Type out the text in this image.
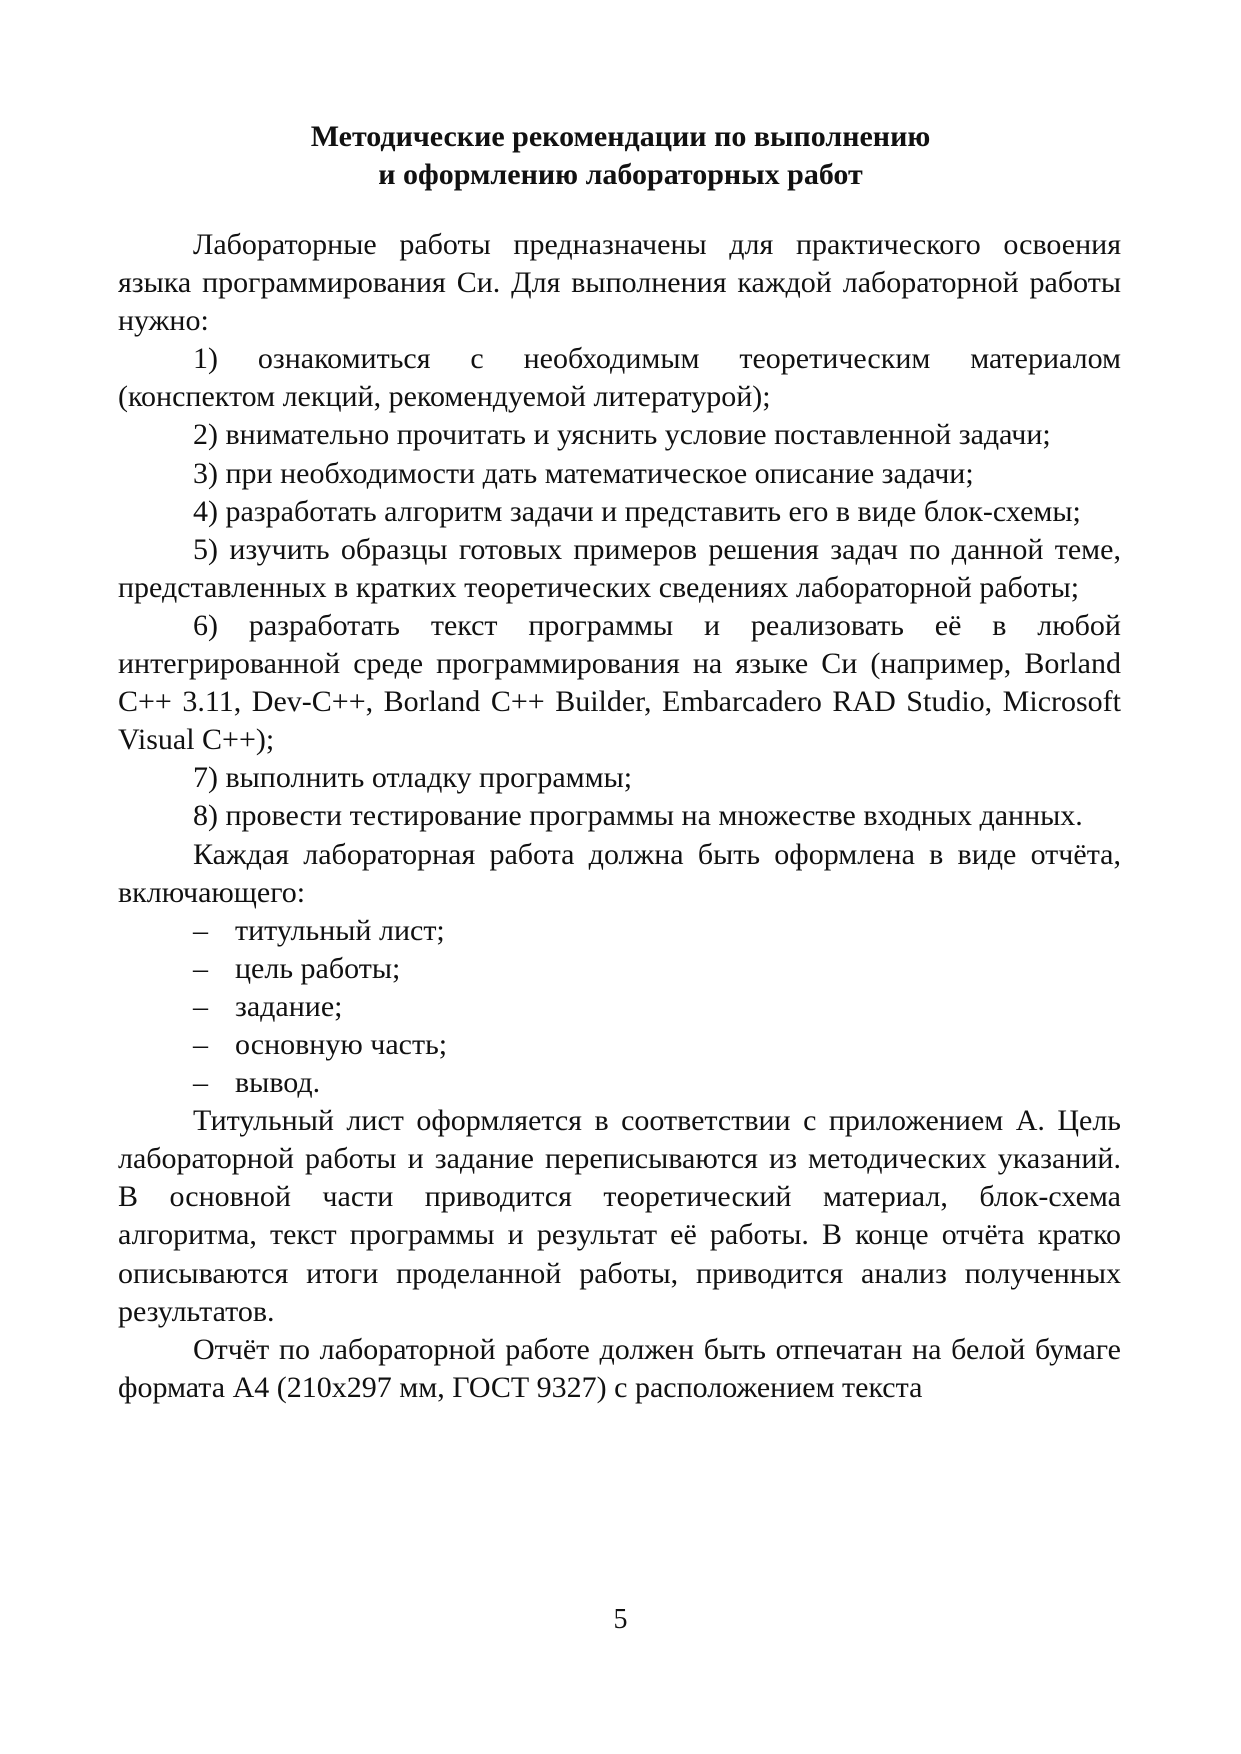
Методические рекомендации по выполнению
и оформлению лабораторных работ

Лабораторные работы предназначены для практического освоения языка программирования Си. Для выполнения каждой лабораторной работы нужно:

1) ознакомиться с необходимым теоретическим материалом (конспектом лекций, рекомендуемой литературой);

2) внимательно прочитать и уяснить условие поставленной задачи;

3) при необходимости дать математическое описание задачи;

4) разработать алгоритм задачи и представить его в виде блок-схемы;

5) изучить образцы готовых примеров решения задач по данной теме, представленных в кратких теоретических сведениях лабораторной работы;

6) разработать текст программы и реализовать её в любой интегрированной среде программирования на языке Си (например, Borland C++ 3.11, Dev-C++, Borland C++ Builder, Embarcadero RAD Studio, Microsoft Visual C++);

7) выполнить отладку программы;

8) провести тестирование программы на множестве входных данных.

Каждая лабораторная работа должна быть оформлена в виде отчёта, включающего:

– титульный лист;

– цель работы;

– задание;

– основную часть;

– вывод.

Титульный лист оформляется в соответствии с приложением А. Цель лабораторной работы и задание переписываются из методических указаний. В основной части приводится теоретический материал, блок-схема алгоритма, текст программы и результат её работы. В конце отчёта кратко описываются итоги проделанной работы, приводится анализ полученных результатов.

Отчёт по лабораторной работе должен быть отпечатан на белой бумаге формата А4 (210х297 мм, ГОСТ 9327) с расположением текста

5
